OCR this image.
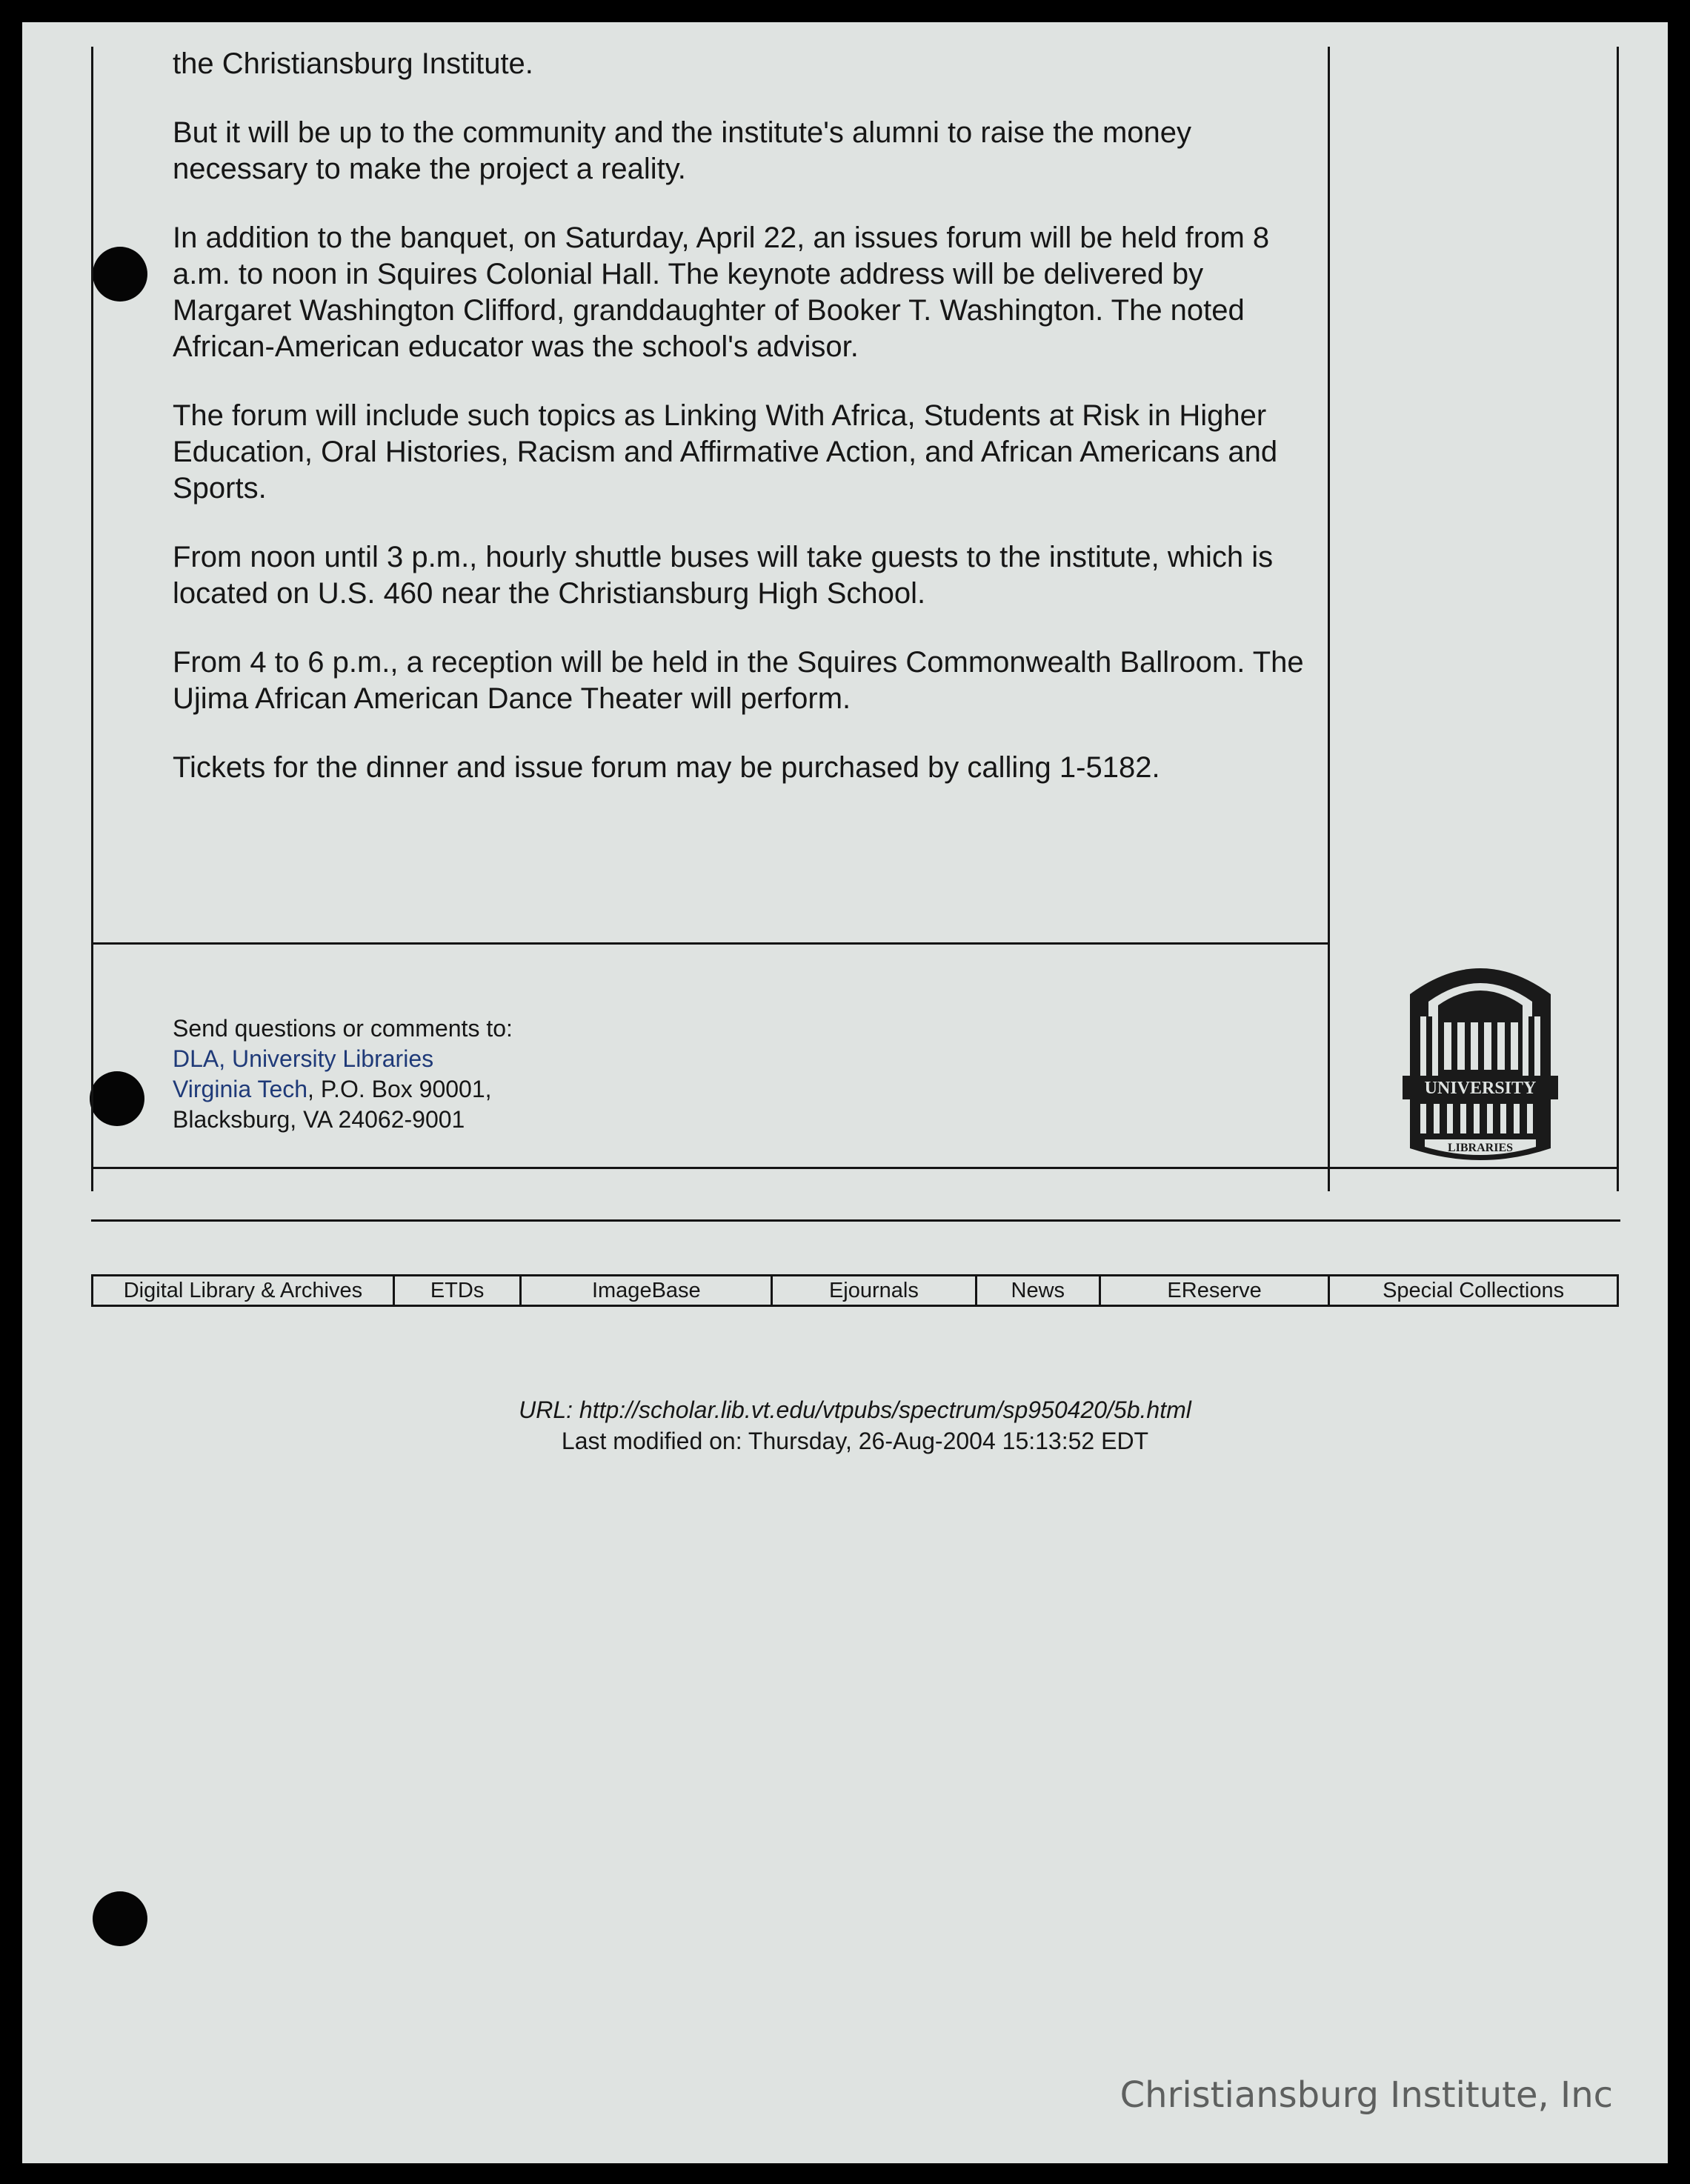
the Christiansburg Institute.

But it will be up to the community and the institute's alumni to raise the money necessary to make the project a reality.

In addition to the banquet, on Saturday, April 22, an issues forum will be held from 8 a.m. to noon in Squires Colonial Hall. The keynote address will be delivered by Margaret Washington Clifford, granddaughter of Booker T. Washington. The noted African-American educator was the school's advisor.

The forum will include such topics as Linking With Africa, Students at Risk in Higher Education, Oral Histories, Racism and Affirmative Action, and African Americans and Sports.

From noon until 3 p.m., hourly shuttle buses will take guests to the institute, which is located on U.S. 460 near the Christiansburg High School.

From 4 to 6 p.m., a reception will be held in the Squires Commonwealth Ballroom. The Ujima African American Dance Theater will perform.

Tickets for the dinner and issue forum may be purchased by calling 1-5182.

Send questions or comments to:
DLA, University Libraries
Virginia Tech, P.O. Box 90001,
Blacksburg, VA 24062-9001
UNIVERSITY
LIBRARIES
Digital Library & Archives	ETDs	ImageBase	Ejournals	News	EReserve	Special Collections
URL: http://scholar.lib.vt.edu/vtpubs/spectrum/sp950420/5b.html
Last modified on: Thursday, 26-Aug-2004 15:13:52 EDT
Christiansburg Institute, Inc
